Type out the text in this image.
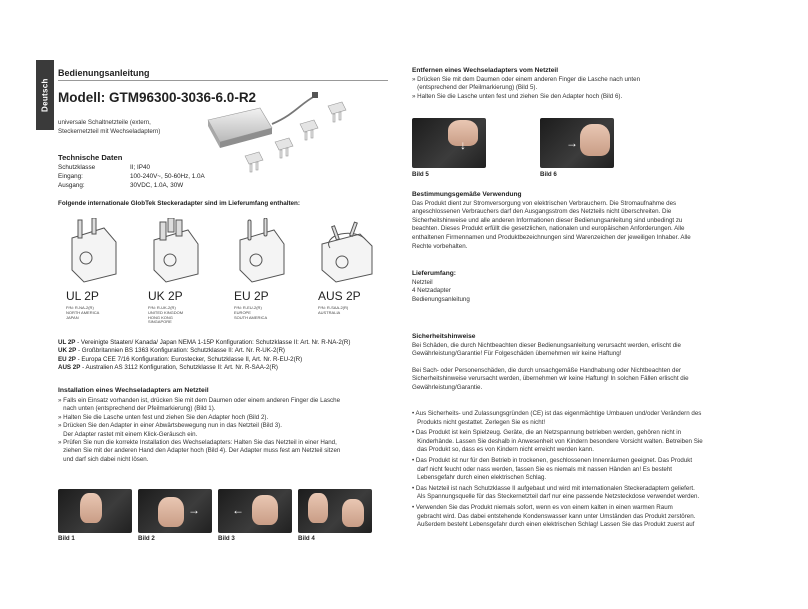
Deutsch
Bedienungsanleitung
Modell: GTM96300-3036-6.0-R2
universale Schaltnetzteile (extern,
Steckernetzteil mit Wechseladaptern)
Technische Daten
Schutzklasse	II; IP40
Eingang:	100-240V~, 50-60Hz, 1.0A
Ausgang:	30VDC, 1.0A, 30W
Folgende internationale GlobTek Steckeradapter sind im Lieferumfang enthalten:
UL 2P
P/N: R-NA-2(R)
NORTH AMERICA
JAPAN
UK 2P
P/N: R-UK-2(R)
UNITED KINGDOM
HONG KONG
SINGAPORE
EU 2P
P/N: R-EU-2(R)
EUROPE
SOUTH AMERICA
AUS 2P
P/N: R-SAA-2(R)
AUSTRALIA
UL 2P - Vereinigte Staaten/ Kanada/ Japan NEMA 1-15P Konfiguration: Schutzklasse II: Art. Nr. R-NA-2(R)
UK 2P - Großbritannien BS 1363 Konfiguration: Schutzklasse II: Art. Nr. R-UK-2(R)
EU 2P - Europa CEE 7/16 Konfiguration: Eurostecker, Schutzklasse II, Art. Nr. R-EU-2(R)
AUS 2P - Australien AS 3112 Konfiguration, Schutzklasse II: Art. Nr. R-SAA-2(R)
Installation eines Wechseladapters am Netzteil

» Falls ein Einsatz vorhanden ist, drücken Sie mit dem Daumen oder einem anderen Finger die Lasche

nach unten (entsprechend der Pfeilmarkierung) (Bild 1).

» Halten Sie die Lasche unten fest und ziehen Sie den Adapter hoch (Bild 2).

» Drücken Sie den Adapter in einer Abwärtsbewegung nun in das Netzteil (Bild 3).

Der Adapter rastet mit einem Klick-Geräusch ein.

» Prüfen Sie nun die korrekte Installation des Wechseladapters: Halten Sie das Netzteil in einer Hand,

ziehen Sie mit der anderen Hand den Adapter hoch (Bild 4). Der Adapter muss fest am Netzteil sitzen

und darf sich dabei nicht lösen.

Bild 1
→
Bild 2
←
Bild 3	Bild 4

Entfernen eines Wechseladapters vom Netzteil

» Drücken Sie mit dem Daumen oder einem anderen Finger die Lasche nach unten

(entsprechend der Pfeilmarkierung) (Bild 5).

» Halten Sie die Lasche unten fest und ziehen Sie den Adapter hoch (Bild 6).

↓
Bild 5
→
Bild 6

Bestimmungsgemäße Verwendung

Das Produkt dient zur Stromversorgung von elektrischen Verbrauchern. Die Stromaufnahme des

angeschlossenen Verbrauchers darf den Ausgangsstrom des Netzteils nicht überschreiten. Die

Sicherheitshinweise und alle anderen Informationen dieser Bedienungsanleitung sind unbedingt zu

beachten. Dieses Produkt erfüllt die gesetzlichen, nationalen und europäischen Anforderungen. Alle

enthaltenen Firmennamen und Produktbezeichnungen sind Warenzeichen der jeweiligen Inhaber. Alle

Rechte vorbehalten.

Lieferumfang:

Netzteil

4 Netzadapter

Bedienungsanleitung

Sicherheitshinweise

Bei Schäden, die durch Nichtbeachten dieser Bedienungsanleitung verursacht werden, erlischt die

Gewährleistung/Garantie! Für Folgeschäden übernehmen wir keine Haftung!

Bei Sach- oder Personenschäden, die durch unsachgemäße Handhabung oder Nichtbeachten der

Sicherheitshinweise verursacht werden, übernehmen wir keine Haftung! In solchen Fällen erlischt die

Gewährleistung/Garantie.

• Aus Sicherheits- und Zulassungsgründen (CE) ist das eigenmächtige Umbauen und/oder Verändern des

Produkts nicht gestattet. Zerlegen Sie es nicht!

• Das Produkt ist kein Spielzeug. Geräte, die an Netzspannung betrieben werden, gehören nicht in

Kinderhände. Lassen Sie deshalb in Anwesenheit von Kindern besondere Vorsicht walten. Betreiben Sie

das Produkt so, dass es von Kindern nicht erreicht werden kann.

• Das Produkt ist nur für den Betrieb in trockenen, geschlossenen Innenräumen geeignet. Das Produkt

darf nicht feucht oder nass werden, fassen Sie es niemals mit nassen Händen an! Es besteht

Lebensgefahr durch einen elektrischen Schlag.

• Das Netzteil ist nach Schutzklasse II aufgebaut und wird mit internationalen Steckeradaptern geliefert.

Als Spannungsquelle für das Steckernetzteil darf nur eine passende Netzsteckdose verwendet werden.

• Verwenden Sie das Produkt niemals sofort, wenn es von einem kalten in einen warmen Raum

gebracht wird. Das dabei entstehende Kondenswasser kann unter Umständen das Produkt zerstören.

Außerdem besteht Lebensgefahr durch einen elektrischen Schlag! Lassen Sie das Produkt zuerst auf
